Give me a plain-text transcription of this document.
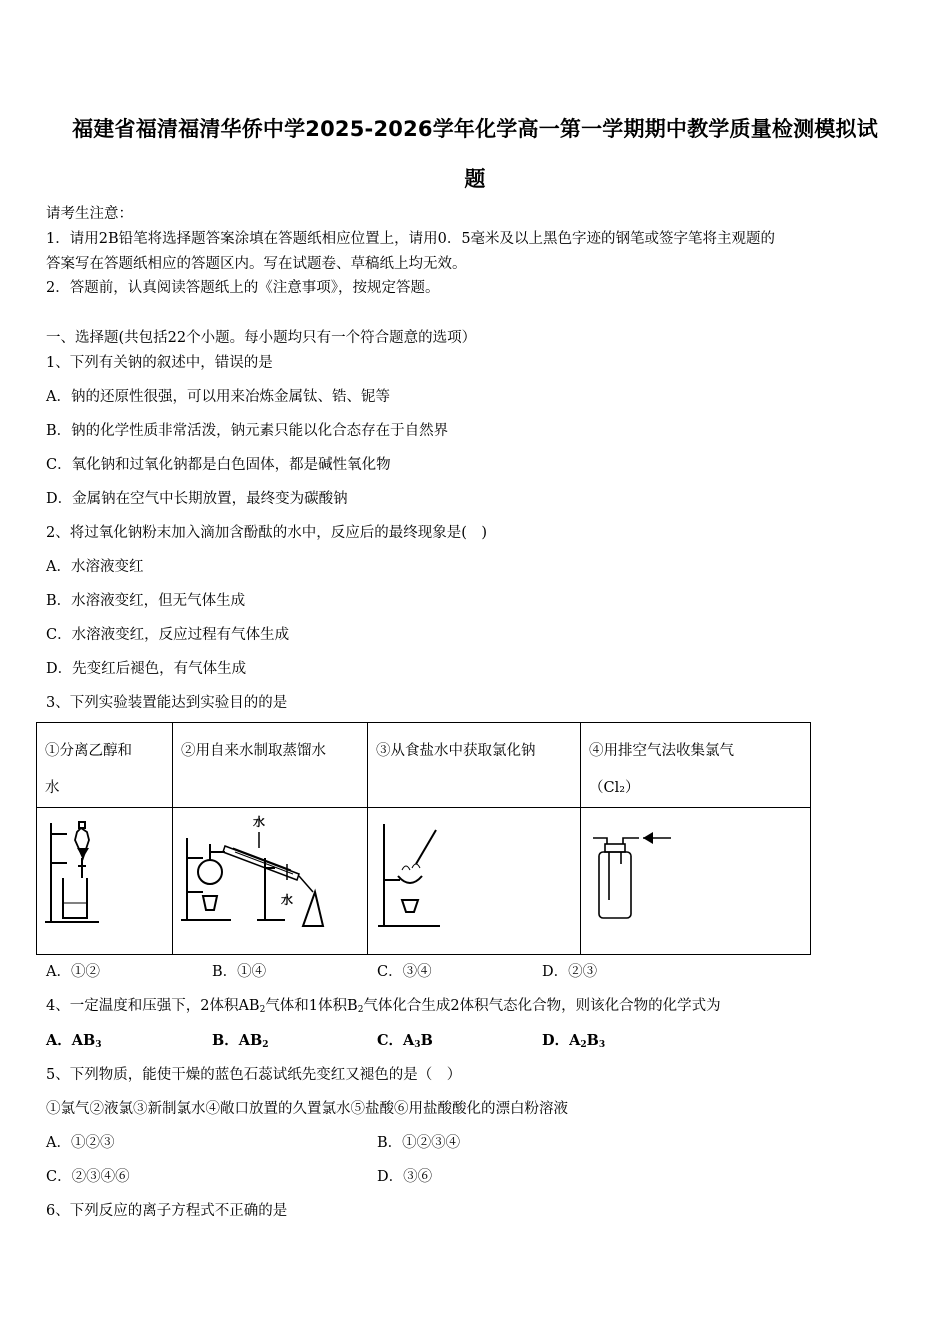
福建省福清福清华侨中学2025-2026学年化学高一第一学期期中教学质量检测模拟试
题
请考生注意：
1．请用2B铅笔将选择题答案涂填在答题纸相应位置上，请用0．5毫米及以上黑色字迹的钢笔或签字笔将主观题的
答案写在答题纸相应的答题区内。写在试题卷、草稿纸上均无效。
2．答题前，认真阅读答题纸上的《注意事项》，按规定答题。
一、选择题(共包括22个小题。每小题均只有一个符合题意的选项）
1、下列有关钠的叙述中，错误的是
A．钠的还原性很强，可以用来冶炼金属钛、锆、铌等
B．钠的化学性质非常活泼，钠元素只能以化合态存在于自然界
C．氧化钠和过氧化钠都是白色固体，都是碱性氧化物
D．金属钠在空气中长期放置，最终变为碳酸钠
2、将过氧化钠粉末加入滴加含酚酞的水中，反应后的最终现象是(　)
A．水溶液变红
B．水溶液变红，但无气体生成
C．水溶液变红，反应过程有气体生成
D．先变红后褪色，有气体生成
3、下列实验装置能达到实验目的的是
①分离乙醇和
水	②用自来水制取蒸馏水	③从食盐水中获取氯化钠	④用排空气法收集氯气
（Cl₂）

水
水

A．①②	B．①④	C．③④	D．②③
4、一定温度和压强下，2体积$AB_2$气体和1体积$B_2$气体化合生成2体积气态化合物，则该化合物的化学式为
A．$AB_3$	B．$AB_2$	C．$A_3B$	D．$A_2B_3$
5、下列物质，能使干燥的蓝色石蕊试纸先变红又褪色的是（　）
①氯气②液氯③新制氯水④敞口放置的久置氯水⑤盐酸⑥用盐酸酸化的漂白粉溶液
A．①②③	B．①②③④
C．②③④⑥	D．③⑥
6、下列反应的离子方程式不正确的是
